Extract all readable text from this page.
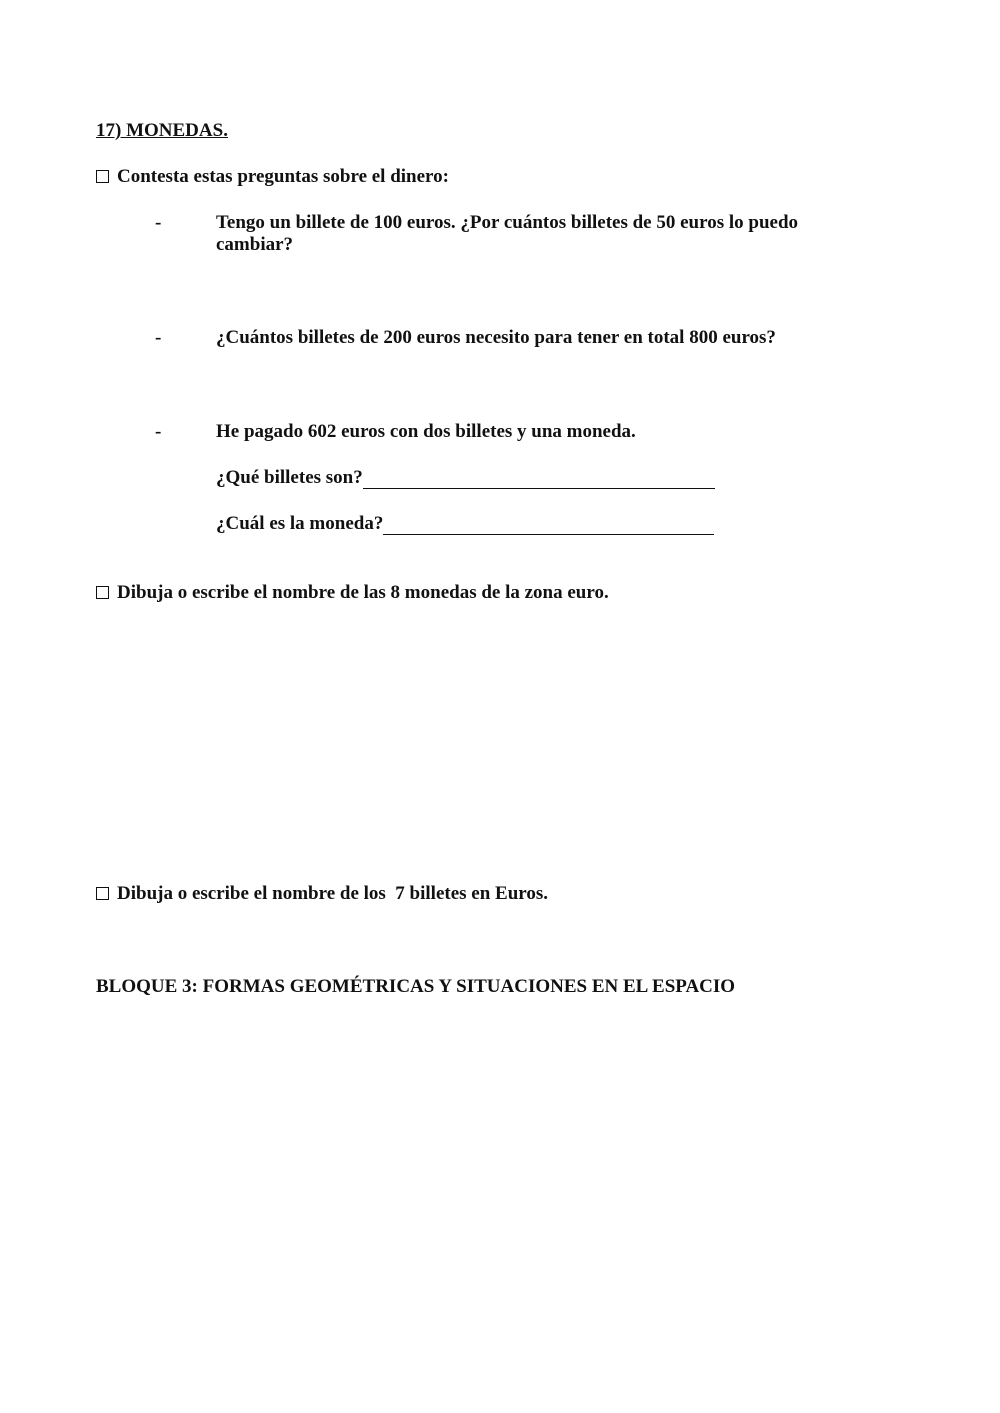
17) MONEDAS.
Contesta estas preguntas sobre el dinero:
-	Tengo un billete de 100 euros. ¿Por cuántos billetes de 50 euros lo puedo cambiar?
-	¿Cuántos billetes de 200 euros necesito para tener en total 800 euros?
-	He pagado 602 euros con dos billetes y una moneda.
¿Qué billetes son?
¿Cuál es la moneda?
Dibuja o escribe el nombre de las 8 monedas de la zona euro.
Dibuja o escribe el nombre de los  7 billetes en Euros.
BLOQUE 3: FORMAS GEOMÉTRICAS Y SITUACIONES EN EL ESPACIO
